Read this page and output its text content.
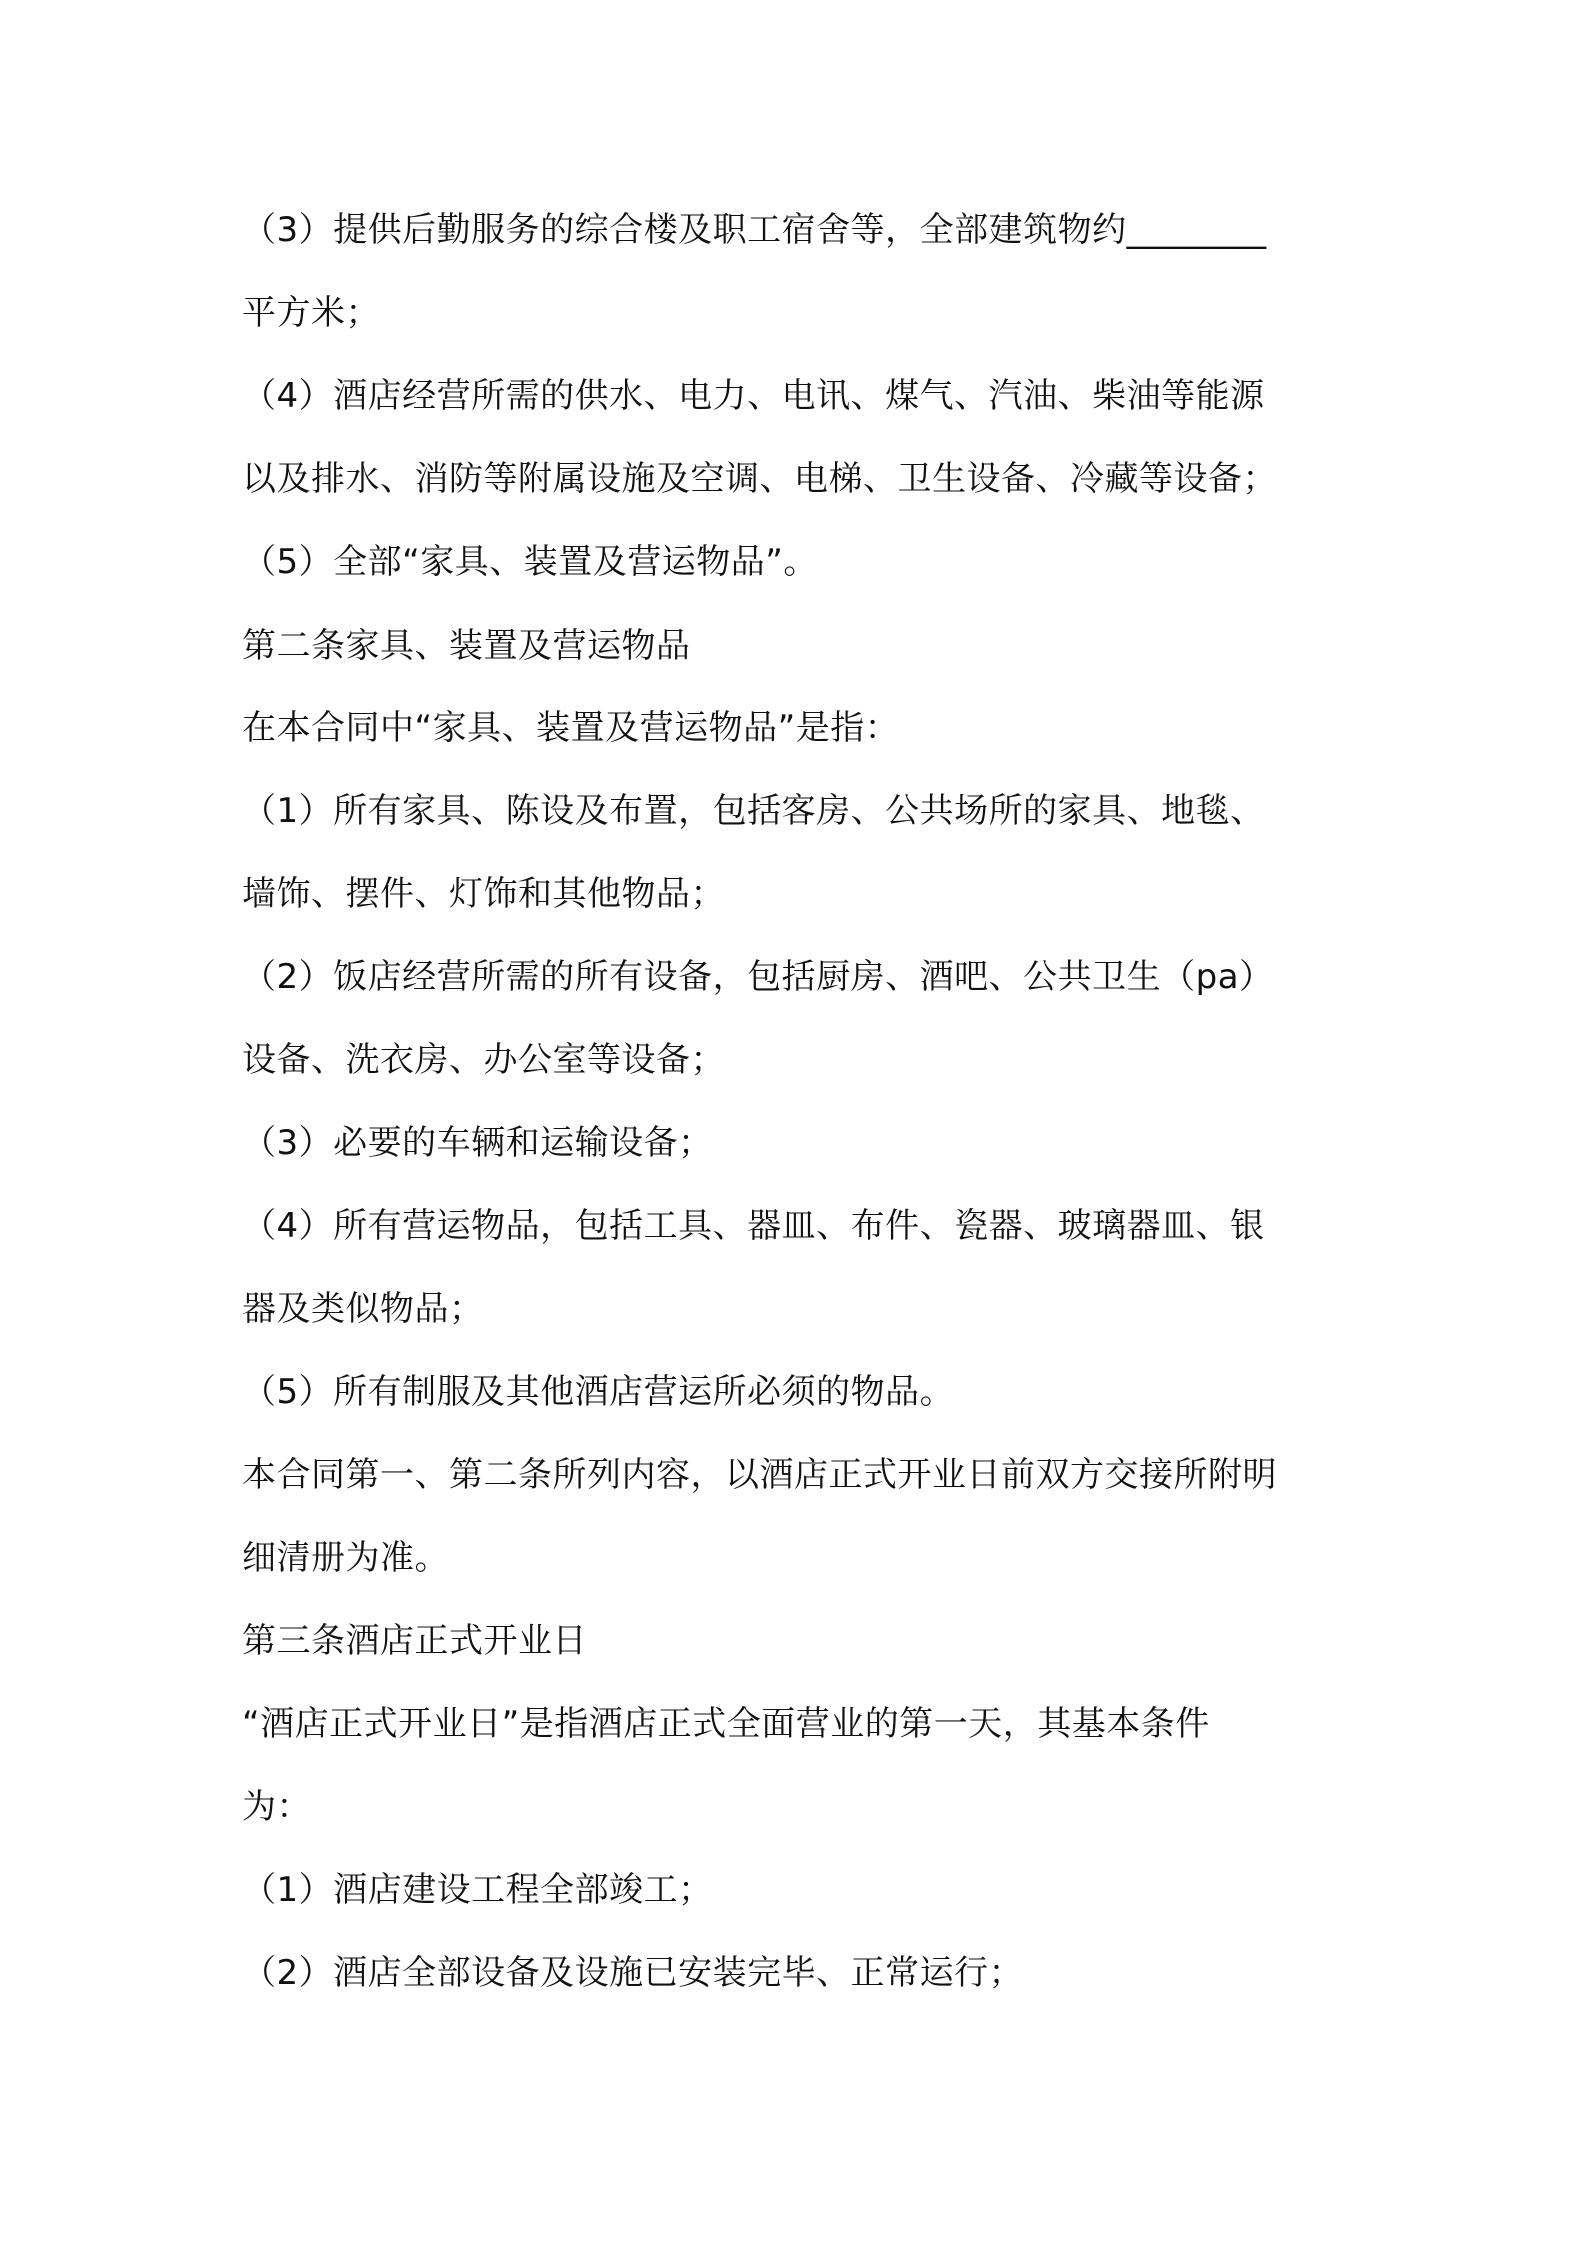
（3）提供后勤服务的综合楼及职工宿舍等，全部建筑物约________
平方米；
（4）酒店经营所需的供水、电力、电讯、煤气、汽油、柴油等能源
以及排水、消防等附属设施及空调、电梯、卫生设备、冷藏等设备；
（5）全部“家具、装置及营运物品”。
第二条家具、装置及营运物品
在本合同中“家具、装置及营运物品”是指：
（1）所有家具、陈设及布置，包括客房、公共场所的家具、地毯、
墙饰、摆件、灯饰和其他物品；
（2）饭店经营所需的所有设备，包括厨房、酒吧、公共卫生（pa）
设备、洗衣房、办公室等设备；
（3）必要的车辆和运输设备；
（4）所有营运物品，包括工具、器皿、布件、瓷器、玻璃器皿、银
器及类似物品；
（5）所有制服及其他酒店营运所必须的物品。
本合同第一、第二条所列内容，以酒店正式开业日前双方交接所附明
细清册为准。
第三条酒店正式开业日
“酒店正式开业日”是指酒店正式全面营业的第一天，其基本条件
为：
（1）酒店建设工程全部竣工；
（2）酒店全部设备及设施已安装完毕、正常运行；
